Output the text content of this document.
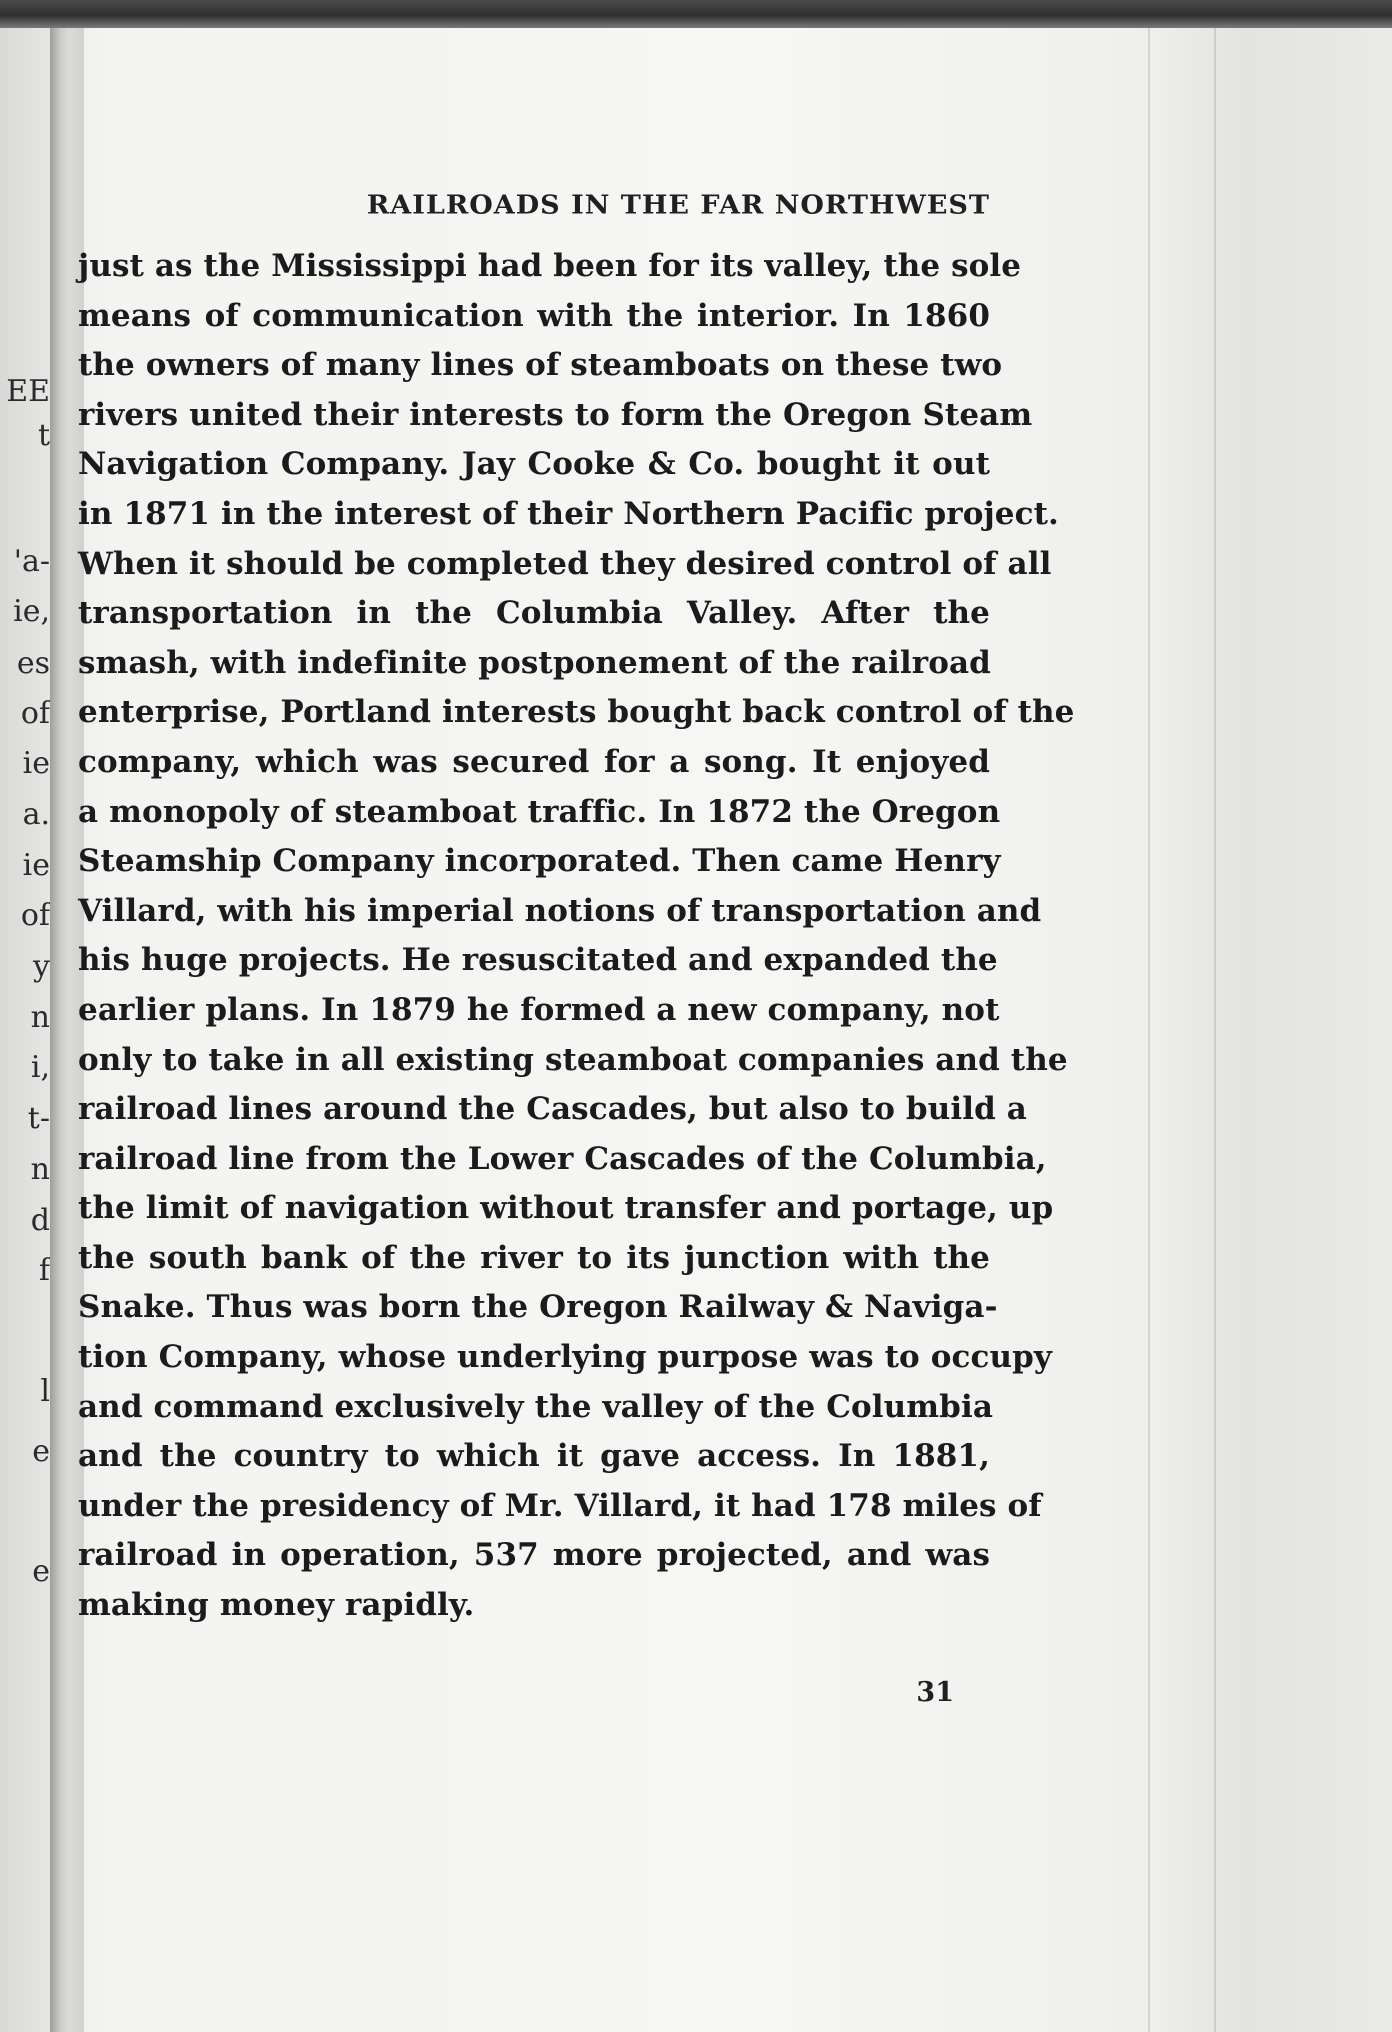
EE
t
'a-
ie,
es
of
ie
a.
ie
of
y
n
i,
t-
n
d
f
l
e
e
RAILROADS IN THE FAR NORTHWEST
just as the Mississippi had been for its valley, the sole
means of communication with the interior. In 1860
the owners of many lines of steamboats on these two
rivers united their interests to form the Oregon Steam
Navigation Company. Jay Cooke & Co. bought it out
in 1871 in the interest of their Northern Pacific project.
When it should be completed they desired control of all
transportation in the Columbia Valley. After the
smash, with indefinite postponement of the railroad
enterprise, Portland interests bought back control of the
company, which was secured for a song. It enjoyed
a monopoly of steamboat traffic. In 1872 the Oregon
Steamship Company incorporated. Then came Henry
Villard, with his imperial notions of transportation and
his huge projects. He resuscitated and expanded the
earlier plans. In 1879 he formed a new company, not
only to take in all existing steamboat companies and the
railroad lines around the Cascades, but also to build a
railroad line from the Lower Cascades of the Columbia,
the limit of navigation without transfer and portage, up
the south bank of the river to its junction with the
Snake. Thus was born the Oregon Railway & Naviga-
tion Company, whose underlying purpose was to occupy
and command exclusively the valley of the Columbia
and the country to which it gave access. In 1881,
under the presidency of Mr. Villard, it had 178 miles of
railroad in operation, 537 more projected, and was
making money rapidly.
31
